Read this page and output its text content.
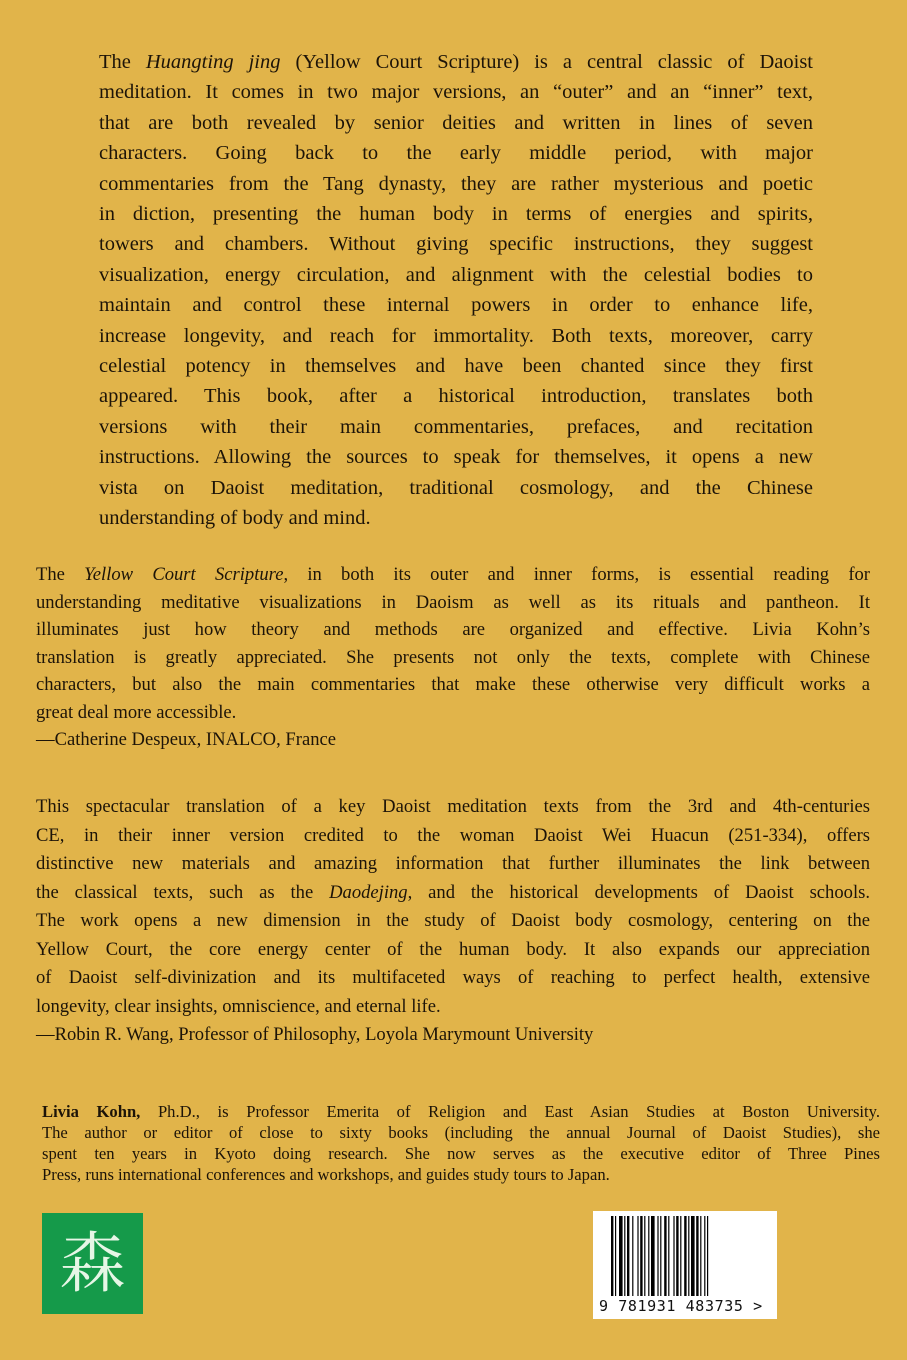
The Huangting jing (Yellow Court Scripture) is a central classic of Daoist
meditation. It comes in two major versions, an “outer” and an “inner” text,
that are both revealed by senior deities and written in lines of seven
characters. Going back to the early middle period, with major
commentaries from the Tang dynasty, they are rather mysterious and poetic
in diction, presenting the human body in terms of energies and spirits,
towers and chambers. Without giving specific instructions, they suggest
visualization, energy circulation, and alignment with the celestial bodies to
maintain and control these internal powers in order to enhance life,
increase longevity, and reach for immortality. Both texts, moreover, carry
celestial potency in themselves and have been chanted since they first
appeared. This book, after a historical introduction, translates both
versions with their main commentaries, prefaces, and recitation
instructions. Allowing the sources to speak for themselves, it opens a new
vista on Daoist meditation, traditional cosmology, and the Chinese
understanding of body and mind.
The Yellow Court Scripture, in both its outer and inner forms, is essential reading for
understanding meditative visualizations in Daoism as well as its rituals and pantheon. It
illuminates just how theory and methods are organized and effective. Livia Kohn’s
translation is greatly appreciated. She presents not only the texts, complete with Chinese
characters, but also the main commentaries that make these otherwise very difficult works a
great deal more accessible.
—Catherine Despeux, INALCO, France
This spectacular translation of a key Daoist meditation texts from the 3rd and 4th-centuries
CE, in their inner version credited to the woman Daoist Wei Huacun (251-334), offers
distinctive new materials and amazing information that further illuminates the link between
the classical texts, such as the Daodejing, and the historical developments of Daoist schools.
The work opens a new dimension in the study of Daoist body cosmology, centering on the
Yellow Court, the core energy center of the human body. It also expands our appreciation
of Daoist self-divinization and its multifaceted ways of reaching to perfect health, extensive
longevity, clear insights, omniscience, and eternal life.
—Robin R. Wang, Professor of Philosophy, Loyola Marymount University
Livia Kohn, Ph.D., is Professor Emerita of Religion and East Asian Studies at Boston University.
The author or editor of close to sixty books (including the annual Journal of Daoist Studies), she
spent ten years in Kyoto doing research. She now serves as the executive editor of Three Pines
Press, runs international conferences and workshops, and guides study tours to Japan.
森
9 781931 483735 >
